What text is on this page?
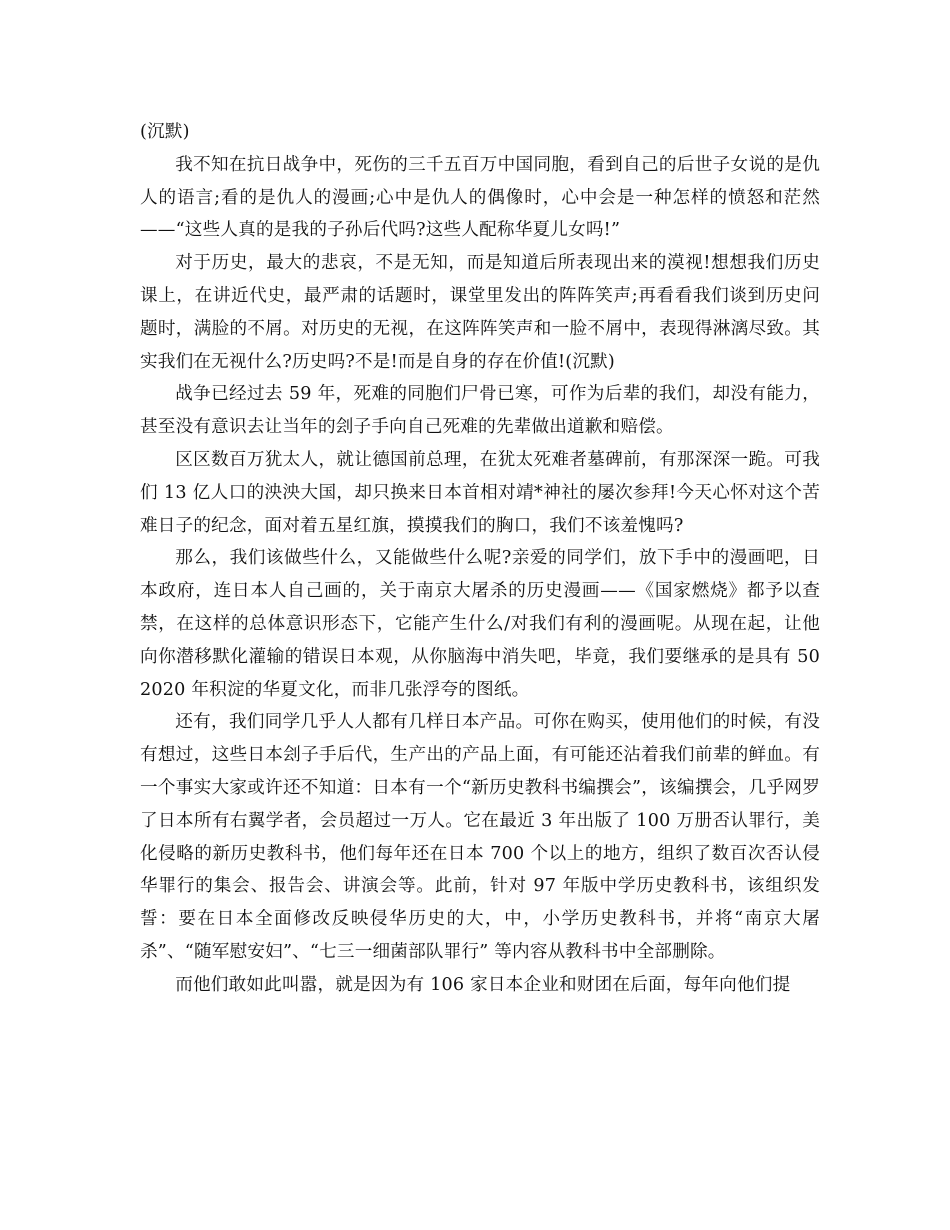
(沉默)

我不知在抗日战争中，死伤的三千五百万中国同胞，看到自己的后世子女说的是仇人的语言;看的是仇人的漫画;心中是仇人的偶像时，心中会是一种怎样的愤怒和茫然——“这些人真的是我的子孙后代吗?这些人配称华夏儿女吗!”

对于历史，最大的悲哀，不是无知，而是知道后所表现出来的漠视!想想我们历史课上，在讲近代史，最严肃的话题时，课堂里发出的阵阵笑声;再看看我们谈到历史问题时，满脸的不屑。对历史的无视，在这阵阵笑声和一脸不屑中，表现得淋漓尽致。其实我们在无视什么?历史吗?不是!而是自身的存在价值!(沉默)

战争已经过去 59 年，死难的同胞们尸骨已寒，可作为后辈的我们，却没有能力，甚至没有意识去让当年的刽子手向自己死难的先辈做出道歉和赔偿。

区区数百万犹太人，就让德国前总理，在犹太死难者墓碑前，有那深深一跪。可我们 13 亿人口的泱泱大国，却只换来日本首相对靖*神社的屡次参拜!今天心怀对这个苦难日子的纪念，面对着五星红旗，摸摸我们的胸口，我们不该羞愧吗?

那么，我们该做些什么，又能做些什么呢?亲爱的同学们，放下手中的漫画吧，日本政府，连日本人自己画的，关于南京大屠杀的历史漫画——《国家燃烧》都予以查禁，在这样的总体意识形态下，它能产生什么/对我们有利的漫画呢。从现在起，让他向你潜移默化灌输的错误日本观，从你脑海中消失吧，毕竟，我们要继承的是具有 502020 年积淀的华夏文化，而非几张浮夸的图纸。

还有，我们同学几乎人人都有几样日本产品。可你在购买，使用他们的时候，有没有想过，这些日本刽子手后代，生产出的产品上面，有可能还沾着我们前辈的鲜血。有一个事实大家或许还不知道：日本有一个“新历史教科书编撰会”，该编撰会，几乎网罗了日本所有右翼学者，会员超过一万人。它在最近 3 年出版了 100 万册否认罪行，美化侵略的新历史教科书，他们每年还在日本 700 个以上的地方，组织了数百次否认侵华罪行的集会、报告会、讲演会等。此前，针对 97 年版中学历史教科书，该组织发誓：要在日本全面修改反映侵华历史的大，中，小学历史教科书，并将“南京大屠杀”、“随军慰安妇”、“七三一细菌部队罪行” 等内容从教科书中全部删除。

而他们敢如此叫嚣，就是因为有 106 家日本企业和财团在后面，每年向他们提
